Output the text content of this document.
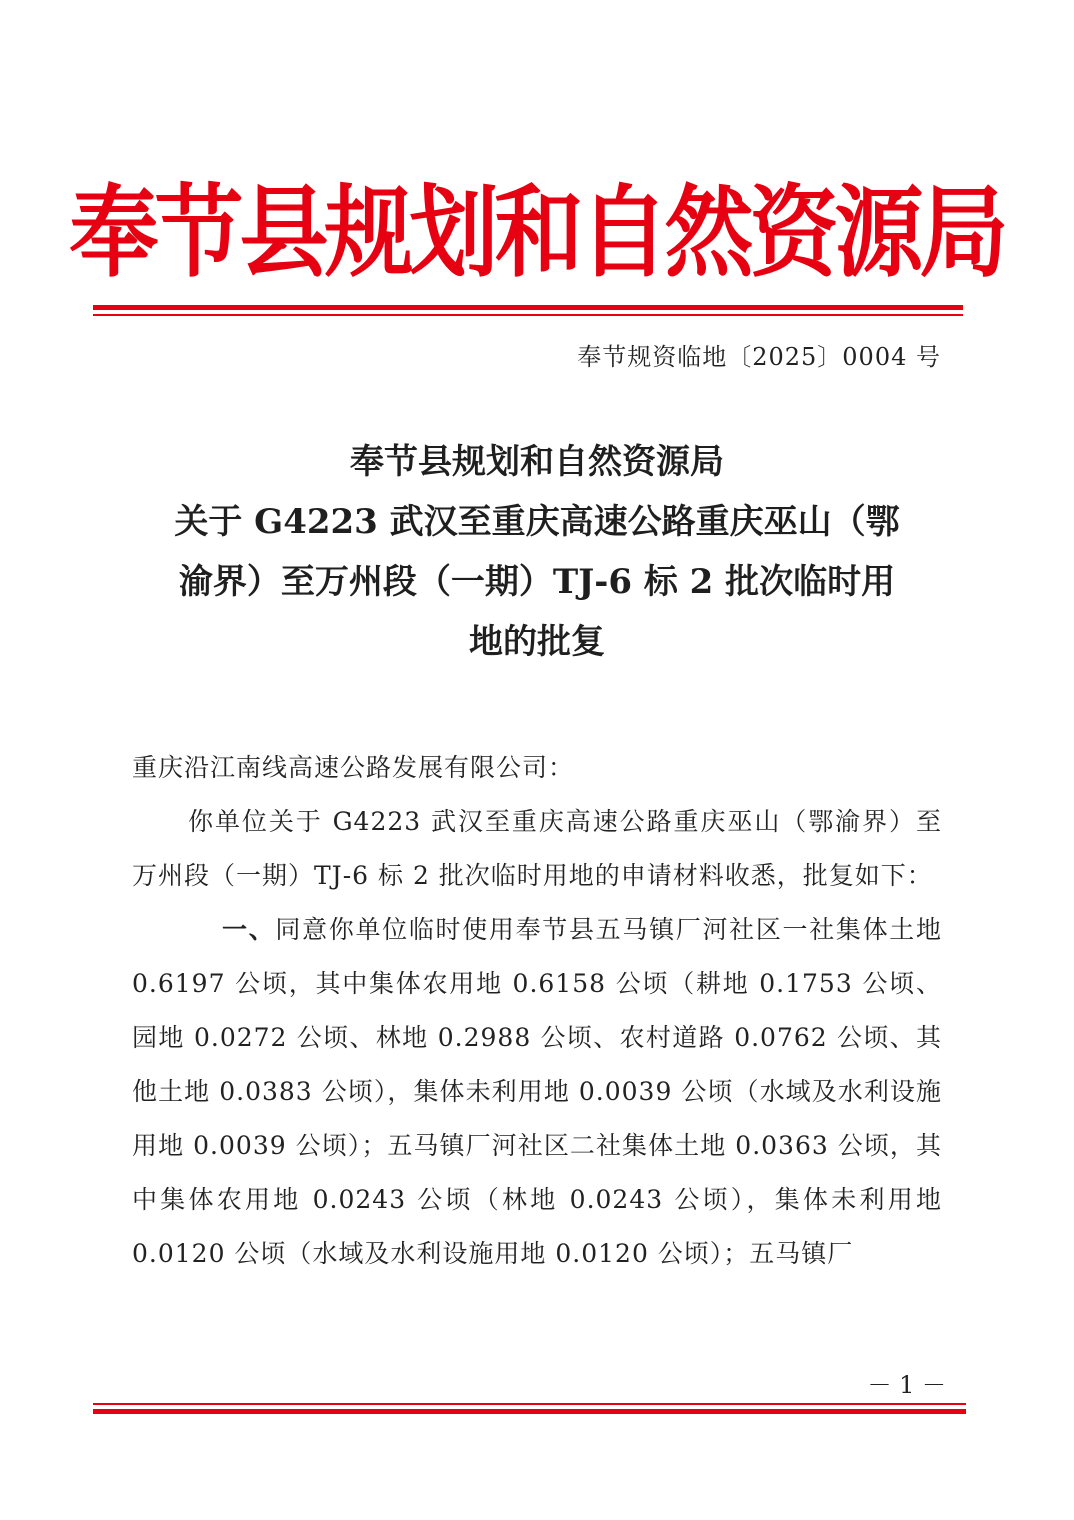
奉节县规划和自然资源局
奉节规资临地〔2025〕0004 号
奉节县规划和自然资源局
关于 G4223 武汉至重庆高速公路重庆巫山（鄂
渝界）至万州段（一期）TJ-6 标 2 批次临时用
地的批复

重庆沿江南线高速公路发展有限公司：

你单位关于 G4223 武汉至重庆高速公路重庆巫山（鄂渝界）至万州段（一期）TJ-6 标 2 批次临时用地的申请材料收悉，批复如下：

一、同意你单位临时使用奉节县五马镇厂河社区一社集体土地 0.6197 公顷，其中集体农用地 0.6158 公顷（耕地 0.1753 公顷、园地 0.0272 公顷、林地 0.2988 公顷、农村道路 0.0762 公顷、其他土地 0.0383 公顷），集体未利用地 0.0039 公顷（水域及水利设施用地 0.0039 公顷）；五马镇厂河社区二社集体土地 0.0363 公顷，其中集体农用地 0.0243 公顷（林地 0.0243 公顷），集体未利用地 0.0120 公顷（水域及水利设施用地 0.0120 公顷）；五马镇厂

－ 1 －
